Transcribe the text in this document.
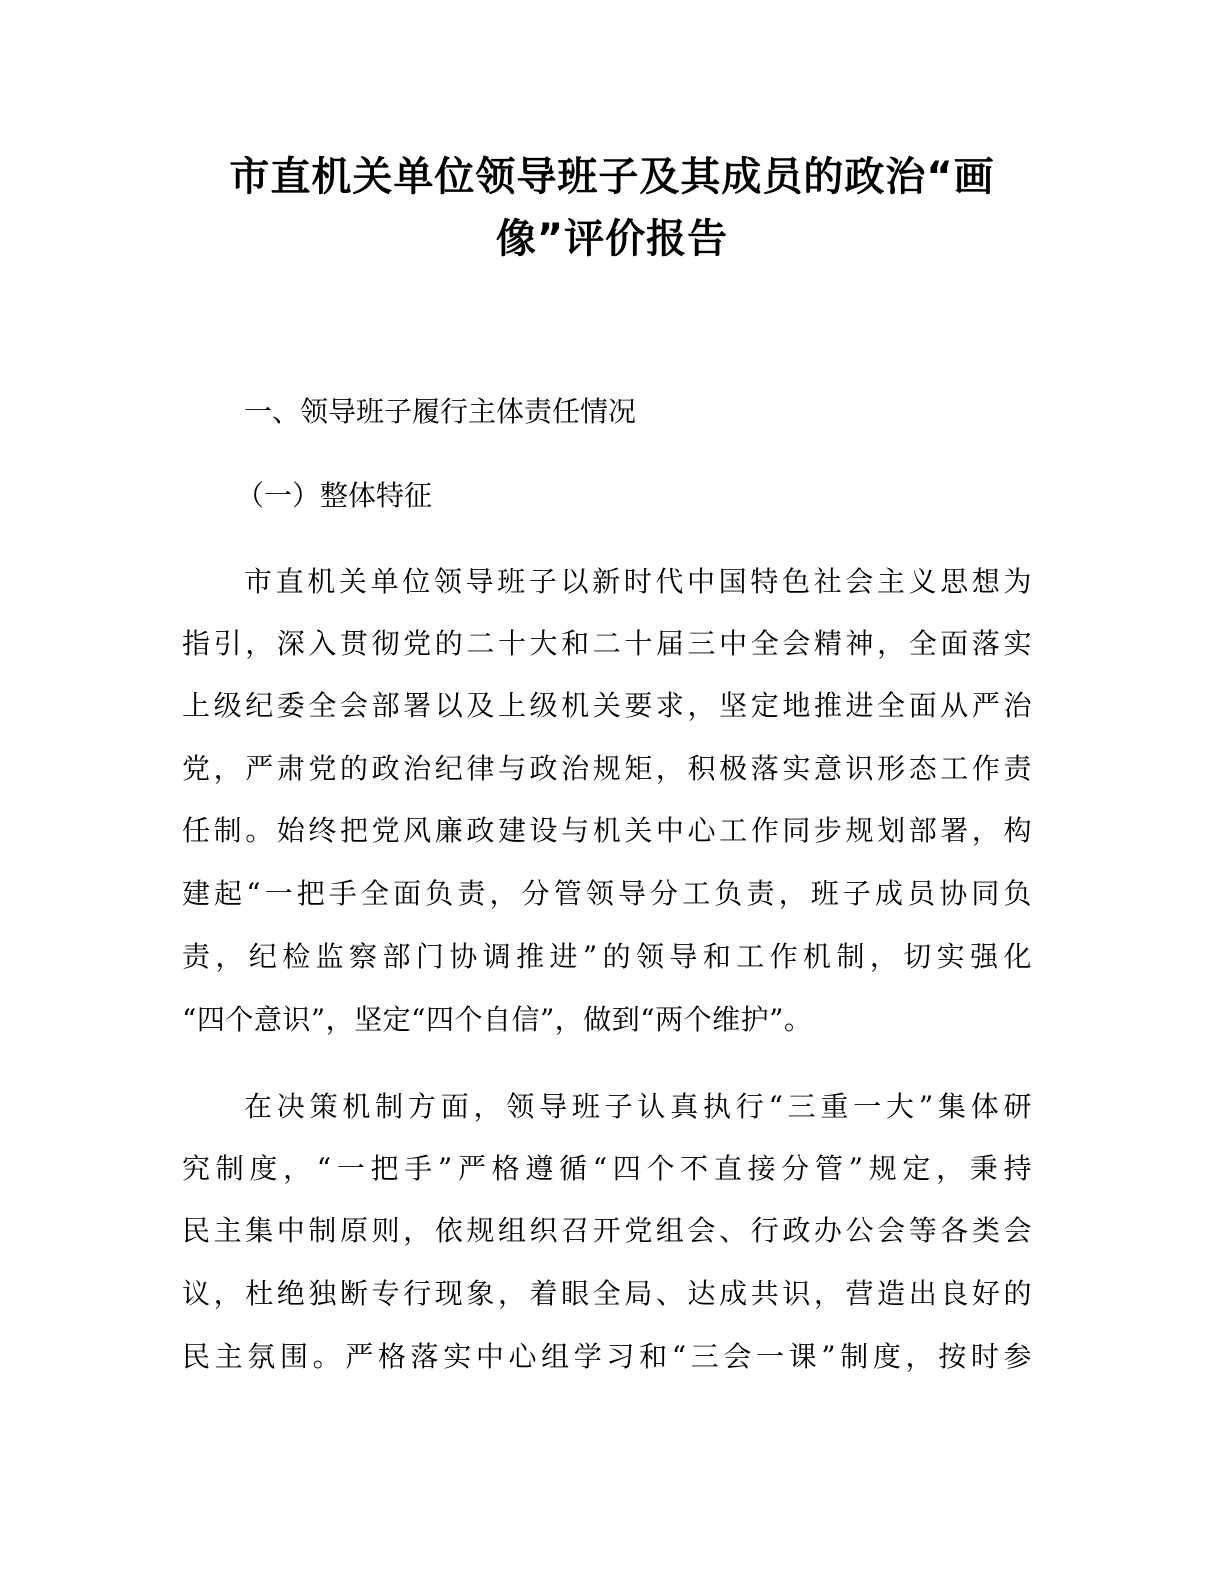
市直机关单位领导班子及其成员的政治“画
像”评价报告
一、领导班子履行主体责任情况
（一）整体特征
市直机关单位领导班子以新时代中国特色社会主义思想为
指引，深入贯彻党的二十大和二十届三中全会精神，全面落实
上级纪委全会部署以及上级机关要求，坚定地推进全面从严治
党，严肃党的政治纪律与政治规矩，积极落实意识形态工作责
任制。始终把党风廉政建设与机关中心工作同步规划部署，构
建起“一把手全面负责，分管领导分工负责，班子成员协同负
责，纪检监察部门协调推进”的领导和工作机制，切实强化
“四个意识”，坚定“四个自信”，做到“两个维护”。
在决策机制方面，领导班子认真执行“三重一大”集体研
究制度，“一把手”严格遵循“四个不直接分管”规定，秉持
民主集中制原则，依规组织召开党组会、行政办公会等各类会
议，杜绝独断专行现象，着眼全局、达成共识，营造出良好的
民主氛围。严格落实中心组学习和“三会一课”制度，按时参
